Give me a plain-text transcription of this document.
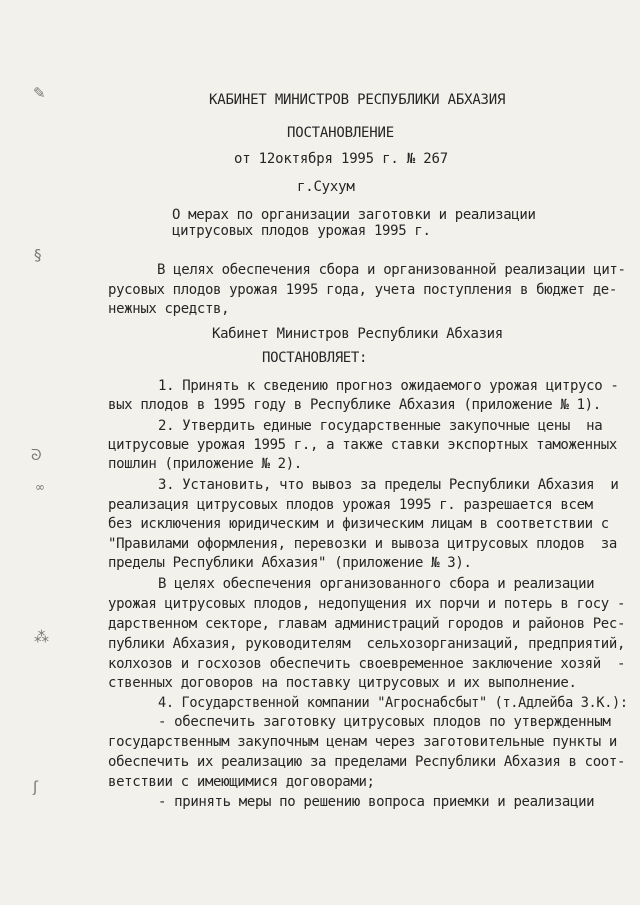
✎
§
ᘐ
∞
⁂
ʃ
КАБИНЕТ МИНИСТРОВ РЕСПУБЛИКИ АБХАЗИЯ
ПОСТАНОВЛЕНИЕ
от 12октября 1995 г. № 267
г.Сухум
О мерах по организации заготовки и реализации
цитрусовых плодов урожая 1995 г.
В целях обеспечения сбора и организованной реализации цит-
русовых плодов урожая 1995 года, учета поступления в бюджет де-
нежных средств,
Кабинет Министров Республики Абхазия
ПОСТАНОВЛЯЕТ:
1. Принять к сведению прогноз ожидаемого урожая цитрусо -
вых плодов в 1995 году в Республике Абхазия (приложение № 1).
2. Утвердить единые государственные закупочные цены  на
цитрусовые урожая 1995 г., а также ставки экспортных таможенных
пошлин (приложение № 2).
3. Установить, что вывоз за пределы Республики Абхазия  и
реализация цитрусовых плодов урожая 1995 г. разрешается всем
без исключения юридическим и физическим лицам в соответствии с
"Правилами оформления, перевозки и вывоза цитрусовых плодов  за
пределы Республики Абхазия" (приложение № 3).
В целях обеспечения организованного сбора и реализации
урожая цитрусовых плодов, недопущения их порчи и потерь в госу -
дарственном секторе, главам администраций городов и районов Рес-
публики Абхазия, руководителям  сельхозорганизаций, предприятий,
колхозов и госхозов обеспечить своевременное заключение хозяй  -
ственных договоров на поставку цитрусовых и их выполнение.
4. Государственной компании "Агроснабсбыт" (т.Адлейба З.К.):
- обеспечить заготовку цитрусовых плодов по утвержденным
государственным закупочным ценам через заготовительные пункты и
обеспечить их реализацию за пределами Республики Абхазия в соот-
ветствии с имеющимися договорами;
- принять меры по решению вопроса приемки и реализации
